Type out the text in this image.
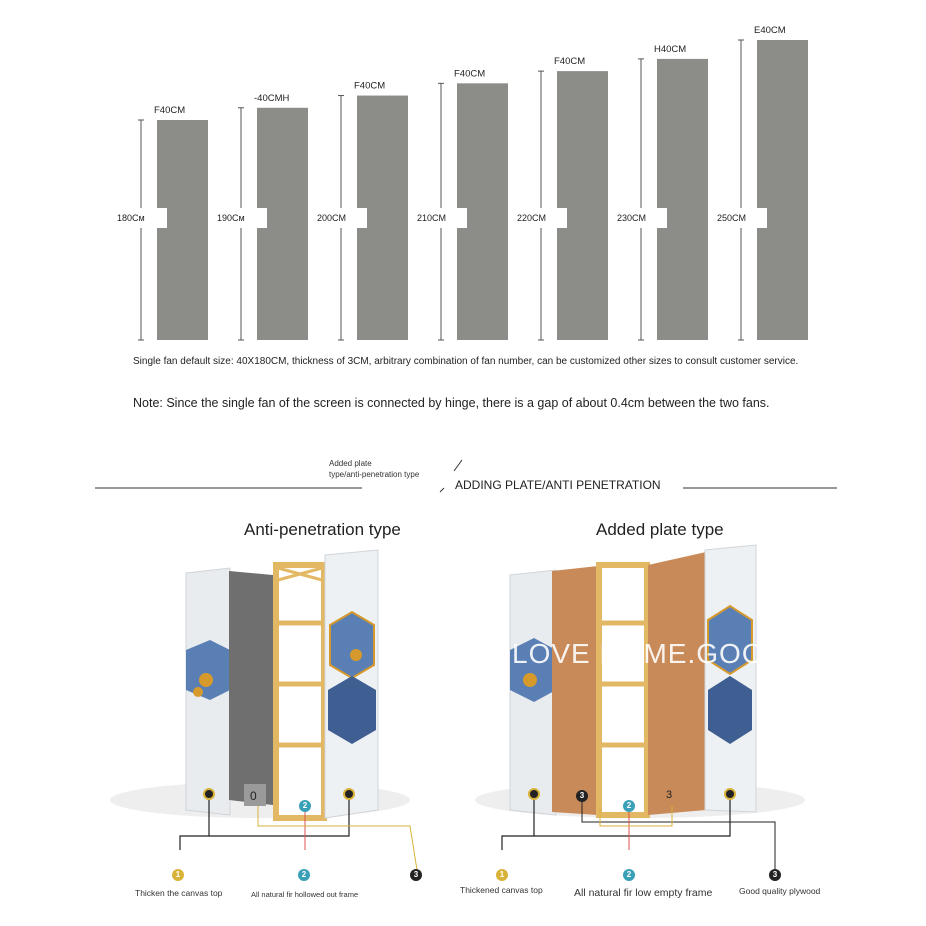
180Cм
F40CM
190Cм
-40CMH
200CM
F40CM
210CM
F40CM
220CM
F40CM
230CM
H40CM
250CM
E40CM
Single fan default size: 40X180CM, thickness of 3CM, arbitrary combination of fan number, can be customized other sizes to consult customer service.
Note: Since the single fan of the screen is connected by hinge, there is a gap of about 0.4cm between the two fans.
Added plate
type/anti-penetration type
ADDING PLATE/ANTI PENETRATION
LOVE HOME.GOOD
Anti-penetration type	Added plate type
0	3
2
1	2	3
Thicken the canvas top	All natural fir hollowed out frame
3
2
1	2	3
Thickened canvas top	All natural fir low empty frame	Good quality plywood
